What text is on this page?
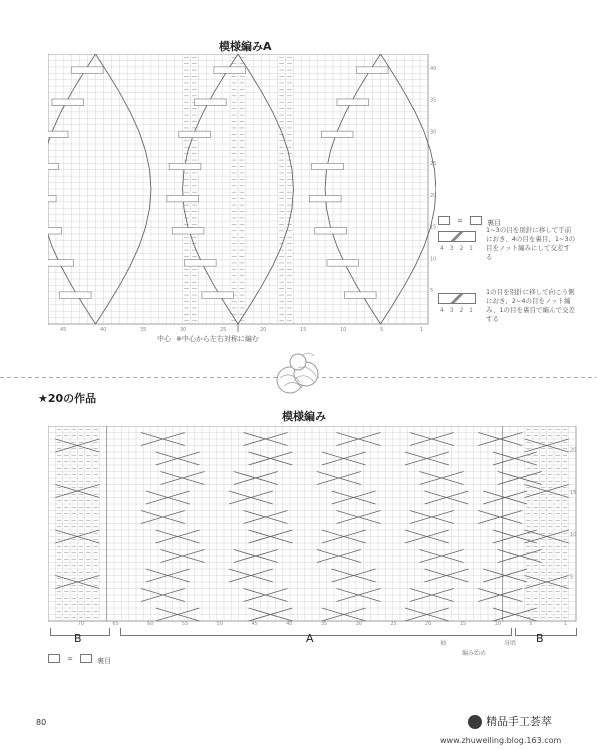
模様編みA
5
10
15
20
25
30
35
40
1
5
10
15
20
25
30
35
40
45
中心 ※中心から左右対称に編む
=	裏目
4 3 2 1
1~3の目を別針に移して手前におき、4の目を裏目、1~3の目をノット編みにして交差する
4 3 2 1
1の目を別針に移して向こう側におき、2~4の目をノット編み、1の目を裏目で編んで交差する
★20の作品
模様編み
5
10
15
20
1
5
10
15
20
25
30
35
40
45
50
55
60
65
70
B	A	B
袖	身頃
編み始め
=	裏目
80	精品手工荟萃
www.zhuweiling.blog.163.com
